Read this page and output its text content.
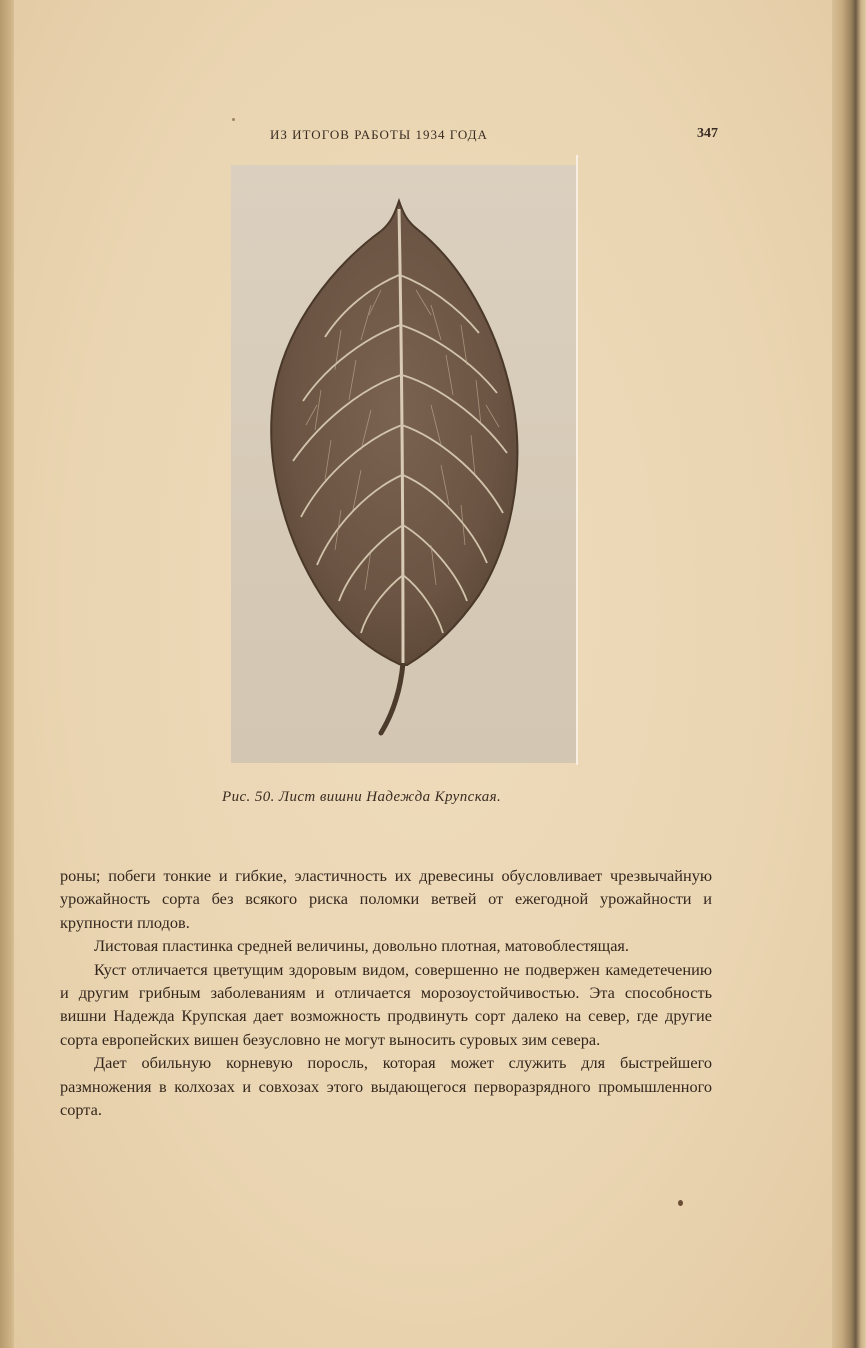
ИЗ ИТОГОВ РАБОТЫ 1934 ГОДА	347
Рис. 50. Лист вишни Надежда Крупская.

роны; побеги тонкие и гибкие, эластичность их древесины обусловливает чрезвычайную урожайность сорта без всякого риска поломки ветвей от ежегодной урожайности и крупности плодов.

Листовая пластинка средней величины, довольно плотная, матовоблестящая.

Куст отличается цветущим здоровым видом, совершенно не подвержен камедетечению и другим грибным заболеваниям и отличается морозоустойчивостью. Эта способность вишни Надежда Крупская дает возможность продвинуть сорт далеко на север, где другие сорта европейских вишен безусловно не могут выносить суровых зим севера.

Дает обильную корневую поросль, которая может служить для быстрейшего размножения в колхозах и совхозах этого выдающегося перворазрядного промышленного сорта.
